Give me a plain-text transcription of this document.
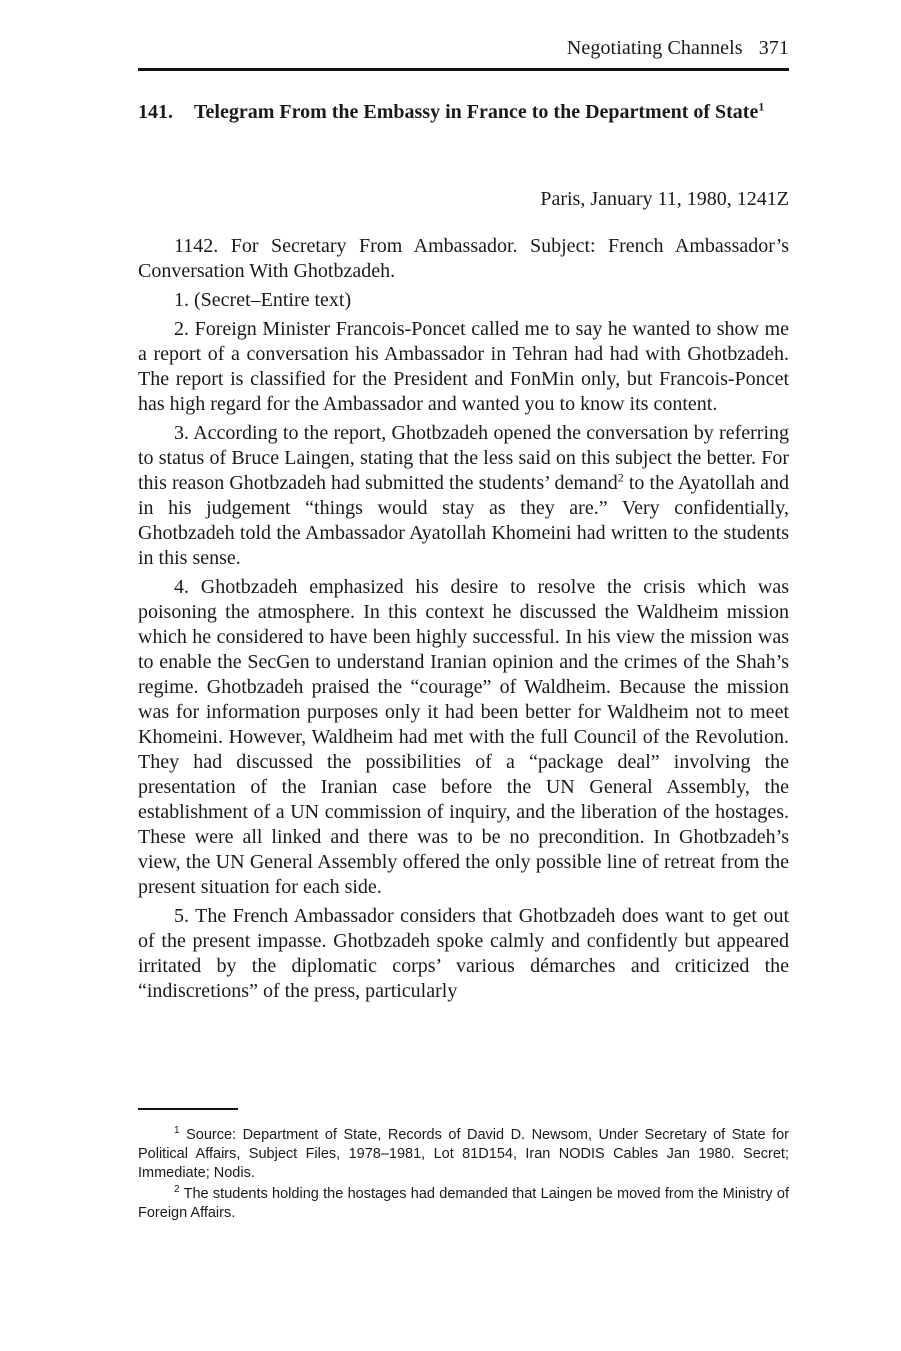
Negotiating Channels 371
141.	Telegram From the Embassy in France to the Department of State$^1$
Paris, January 11, 1980, 1241Z

1142. For Secretary From Ambassador. Subject: French Ambassador’s Conversation With Ghotbzadeh.

1. (Secret–Entire text)

2. Foreign Minister Francois-Poncet called me to say he wanted to show me a report of a conversation his Ambassador in Tehran had had with Ghotbzadeh. The report is classified for the President and FonMin only, but Francois-Poncet has high regard for the Ambassador and wanted you to know its content.

3. According to the report, Ghotbzadeh opened the conversation by referring to status of Bruce Laingen, stating that the less said on this subject the better. For this reason Ghotbzadeh had submitted the students’ demand$^2$ to the Ayatollah and in his judgement “things would stay as they are.” Very confidentially, Ghotbzadeh told the Ambassador Ayatollah Khomeini had written to the students in this sense.

4. Ghotbzadeh emphasized his desire to resolve the crisis which was poisoning the atmosphere. In this context he discussed the Waldheim mission which he considered to have been highly successful. In his view the mission was to enable the SecGen to understand Iranian opinion and the crimes of the Shah’s regime. Ghotbzadeh praised the “courage” of Waldheim. Because the mission was for information purposes only it had been better for Waldheim not to meet Khomeini. However, Waldheim had met with the full Council of the Revolution. They had discussed the possibilities of a “package deal” involving the presentation of the Iranian case before the UN General Assembly, the establishment of a UN commission of inquiry, and the liberation of the hostages. These were all linked and there was to be no precondition. In Ghotbzadeh’s view, the UN General Assembly offered the only possible line of retreat from the present situation for each side.

5. The French Ambassador considers that Ghotbzadeh does want to get out of the present impasse. Ghotbzadeh spoke calmly and confidently but appeared irritated by the diplomatic corps’ various démarches and criticized the “indiscretions” of the press, particularly

$^1$ Source: Department of State, Records of David D. Newsom, Under Secretary of State for Political Affairs, Subject Files, 1978–1981, Lot 81D154, Iran NODIS Cables Jan 1980. Secret; Immediate; Nodis.

$^2$ The students holding the hostages had demanded that Laingen be moved from the Ministry of Foreign Affairs.
